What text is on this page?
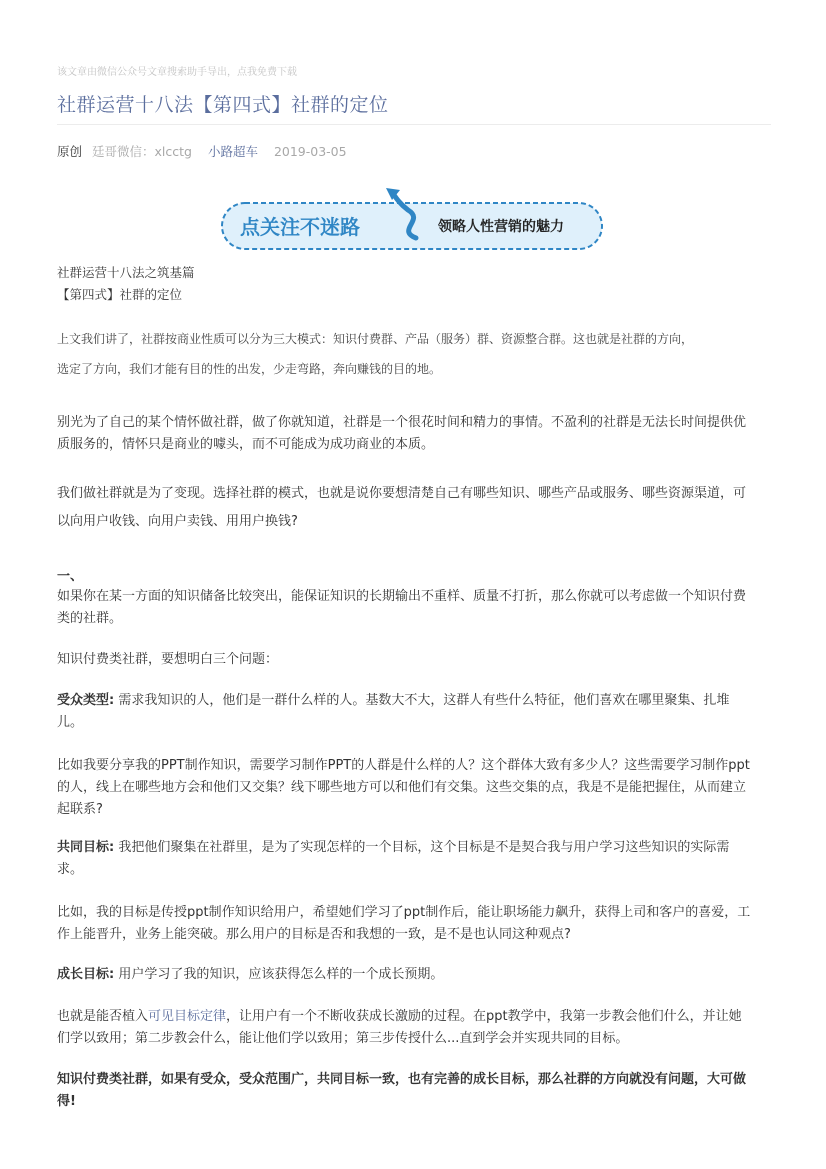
该文章由微信公众号文章搜索助手导出，点我免费下载
社群运营十八法【第四式】社群的定位
原创 廷哥微信：xlcctg 小路超车 2019-03-05
点关注不迷路	领略人性营销的魅力
社群运营十八法之筑基篇
【第四式】社群的定位
上文我们讲了，社群按商业性质可以分为三大模式：知识付费群、产品（服务）群、资源整合群。这也就是社群的方向，
选定了方向，我们才能有目的性的出发，少走弯路，奔向赚钱的目的地。
别光为了自己的某个情怀做社群，做了你就知道，社群是一个很花时间和精力的事情。不盈利的社群是无法长时间提供优
质服务的，情怀只是商业的噱头，而不可能成为成功商业的本质。
我们做社群就是为了变现。选择社群的模式，也就是说你要想清楚自己有哪些知识、哪些产品或服务、哪些资源渠道，可
以向用户收钱、向用户卖钱、用用户换钱?
一、
如果你在某一方面的知识储备比较突出，能保证知识的长期输出不重样、质量不打折，那么你就可以考虑做一个知识付费
类的社群。
知识付费类社群，要想明白三个问题：
受众类型: 需求我知识的人，他们是一群什么样的人。基数大不大，这群人有些什么特征，他们喜欢在哪里聚集、扎堆
儿。
比如我要分享我的PPT制作知识，需要学习制作PPT的人群是什么样的人？这个群体大致有多少人？这些需要学习制作ppt
的人，线上在哪些地方会和他们又交集？线下哪些地方可以和他们有交集。这些交集的点，我是不是能把握住，从而建立
起联系?
共同目标: 我把他们聚集在社群里，是为了实现怎样的一个目标，这个目标是不是契合我与用户学习这些知识的实际需
求。
比如，我的目标是传授ppt制作知识给用户，希望她们学习了ppt制作后，能让职场能力飙升，获得上司和客户的喜爱，工
作上能晋升，业务上能突破。那么用户的目标是否和我想的一致，是不是也认同这种观点?
成长目标: 用户学习了我的知识，应该获得怎么样的一个成长预期。
也就是能否植入可见目标定律，让用户有一个不断收获成长激励的过程。在ppt教学中，我第一步教会他们什么，并让她
们学以致用；第二步教会什么，能让他们学以致用；第三步传授什么...直到学会并实现共同的目标。
知识付费类社群，如果有受众，受众范围广，共同目标一致，也有完善的成长目标，那么社群的方向就没有问题，大可做
得!
